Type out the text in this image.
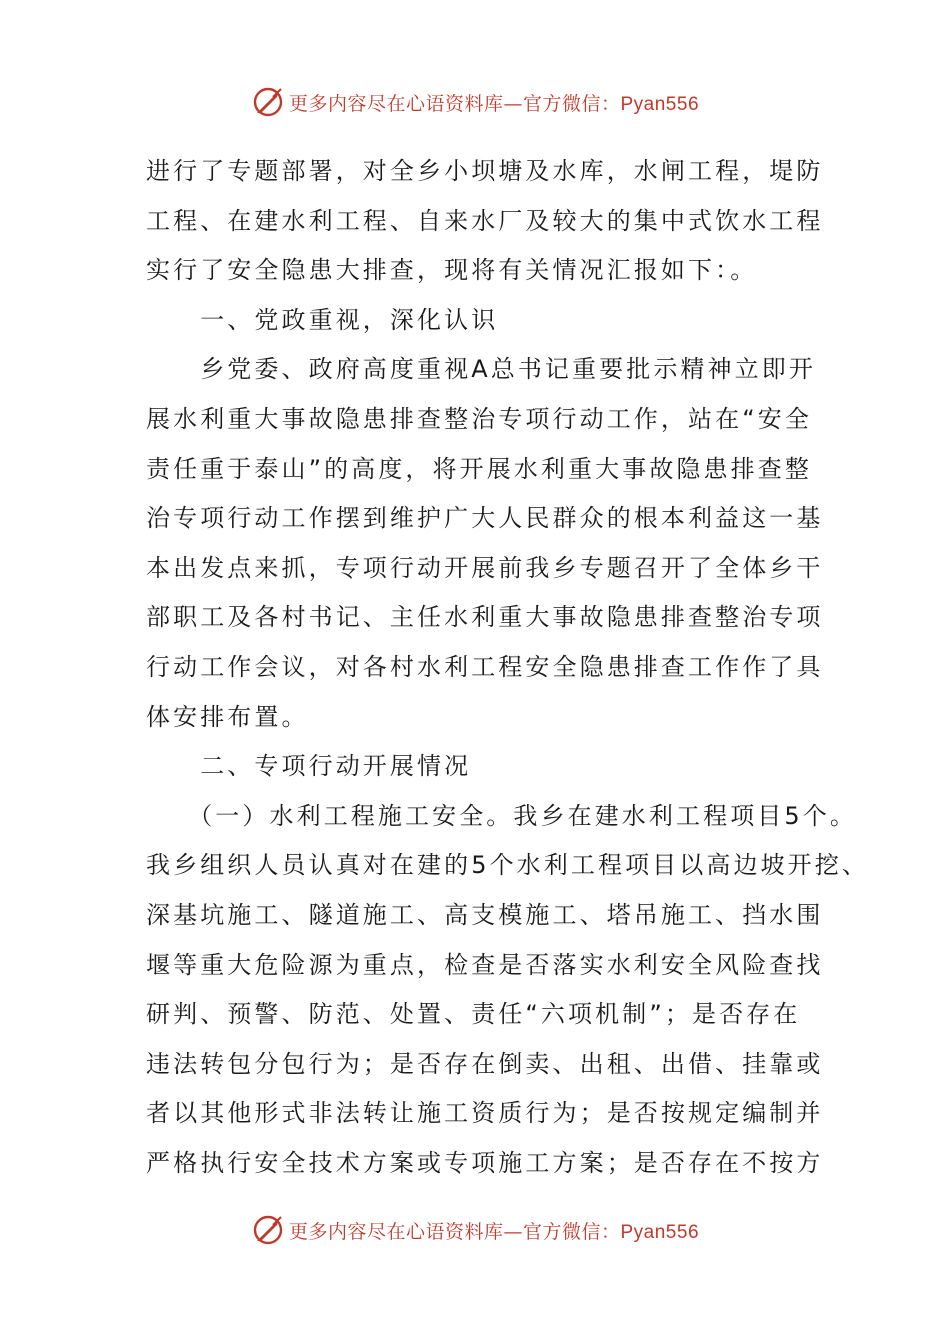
更多内容尽在心语资料库—官方微信：Pyan556

进行了专题部署，对全乡小坝塘及水库，水闸工程，堤防

工程、在建水利工程、自来水厂及较大的集中式饮水工程

实行了安全隐患大排查，现将有关情况汇报如下：。

　　一、党政重视，深化认识

　　乡党委、政府高度重视A总书记重要批示精神立即开

展水利重大事故隐患排查整治专项行动工作，站在“安全

责任重于泰山”的高度，将开展水利重大事故隐患排查整

治专项行动工作摆到维护广大人民群众的根本利益这一基

本出发点来抓，专项行动开展前我乡专题召开了全体乡干

部职工及各村书记、主任水利重大事故隐患排查整治专项

行动工作会议，对各村水利工程安全隐患排查工作作了具

体安排布置。

　　二、专项行动开展情况

　　（一）水利工程施工安全。我乡在建水利工程项目5个。

我乡组织人员认真对在建的5个水利工程项目以高边坡开挖、

深基坑施工、隧道施工、高支模施工、塔吊施工、挡水围

堰等重大危险源为重点，检查是否落实水利安全风险查找

研判、预警、防范、处置、责任“六项机制”；是否存在

违法转包分包行为；是否存在倒卖、出租、出借、挂靠或

者以其他形式非法转让施工资质行为；是否按规定编制并

严格执行安全技术方案或专项施工方案；是否存在不按方

更多内容尽在心语资料库—官方微信：Pyan556
